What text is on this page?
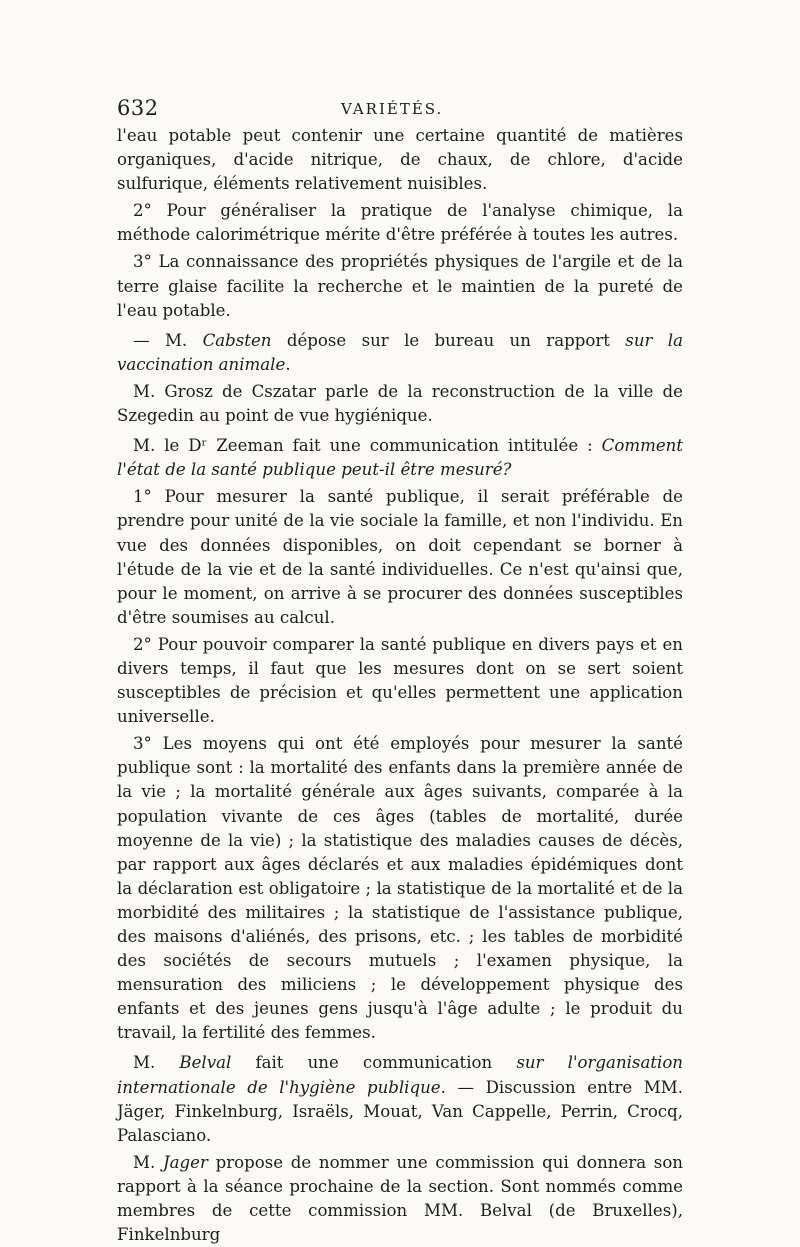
632	VARIÉTÉS.

l'eau potable peut contenir une certaine quantité de matières organiques, d'acide nitrique, de chaux, de chlore, d'acide sulfurique, éléments relativement nuisibles.

2° Pour généraliser la pratique de l'analyse chimique, la méthode calorimétrique mérite d'être préférée à toutes les autres.

3° La connaissance des propriétés physiques de l'argile et de la terre glaise facilite la recherche et le maintien de la pureté de l'eau potable.

— M. Cabsten dépose sur le bureau un rapport sur la vaccination animale.

M. Grosz de Cszatar parle de la reconstruction de la ville de Szegedin au point de vue hygiénique.

M. le Dʳ Zeeman fait une communication intitulée : Comment l'état de la santé publique peut-il être mesuré?

1° Pour mesurer la santé publique, il serait préférable de prendre pour unité de la vie sociale la famille, et non l'individu. En vue des données disponibles, on doit cependant se borner à l'étude de la vie et de la santé individuelles. Ce n'est qu'ainsi que, pour le moment, on arrive à se procurer des données susceptibles d'être soumises au calcul.

2° Pour pouvoir comparer la santé publique en divers pays et en divers temps, il faut que les mesures dont on se sert soient susceptibles de précision et qu'elles permettent une application universelle.

3° Les moyens qui ont été employés pour mesurer la santé publique sont : la mortalité des enfants dans la première année de la vie ; la mortalité générale aux âges suivants, comparée à la population vivante de ces âges (tables de mortalité, durée moyenne de la vie) ; la statistique des maladies causes de décès, par rapport aux âges déclarés et aux maladies épidémiques dont la déclaration est obligatoire ; la statistique de la mortalité et de la morbidité des militaires ; la statistique de l'assistance publique, des maisons d'aliénés, des prisons, etc. ; les tables de morbidité des sociétés de secours mutuels ; l'examen physique, la mensuration des miliciens ; le développement physique des enfants et des jeunes gens jusqu'à l'âge adulte ; le produit du travail, la fertilité des femmes.

M. Belval fait une communication sur l'organisation internationale de l'hygiène publique. — Discussion entre MM. Jäger, Finkelnburg, Israëls, Mouat, Van Cappelle, Perrin, Crocq, Palasciano.

M. Jager propose de nommer une commission qui donnera son rapport à la séance prochaine de la section. Sont nommés comme membres de cette commission MM. Belval (de Bruxelles), Finkelnburg
